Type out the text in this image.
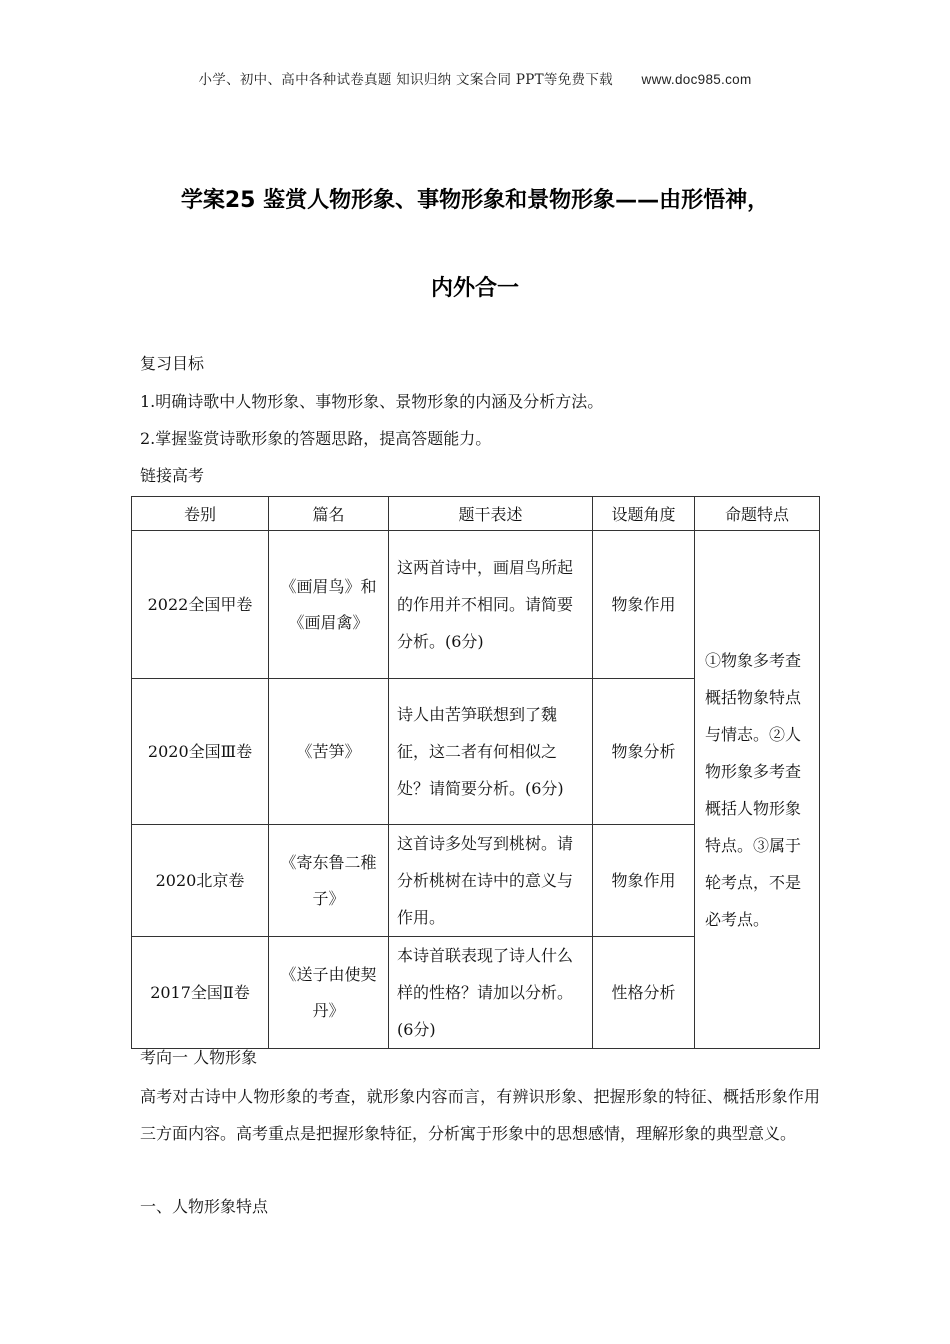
小学、初中、高中各种试卷真题 知识归纳 文案合同 PPT等免费下载 www.doc985.com
学案25 鉴赏人物形象、事物形象和景物形象——由形悟神，
内外合一
复习目标
1.明确诗歌中人物形象、事物形象、景物形象的内涵及分析方法。
2.掌握鉴赏诗歌形象的答题思路，提高答题能力。
链接高考
卷别	篇名	题干表述	设题角度	命题特点
2022全国甲卷	《画眉鸟》和《画眉禽》	这两首诗中，画眉鸟所起的作用并不相同。请简要分析。(6分)	物象作用	①物象多考查概括物象特点与情志。②人物形象多考查概括人物形象特点。③属于轮考点，不是必考点。
2020全国Ⅲ卷	《苦笋》	诗人由苦笋联想到了魏征，这二者有何相似之处？请简要分析。(6分)	物象分析	
2020北京卷	《寄东鲁二稚子》	这首诗多处写到桃树。请分析桃树在诗中的意义与作用。	物象作用	
2017全国Ⅱ卷	《送子由使契丹》	本诗首联表现了诗人什么样的性格？请加以分析。(6分)	性格分析	
考向一 人物形象
高考对古诗中人物形象的考查，就形象内容而言，有辨识形象、把握形象的特征、概括形象作用三方面内容。高考重点是把握形象特征，分析寓于形象中的思想感情，理解形象的典型意义。
一、人物形象特点
